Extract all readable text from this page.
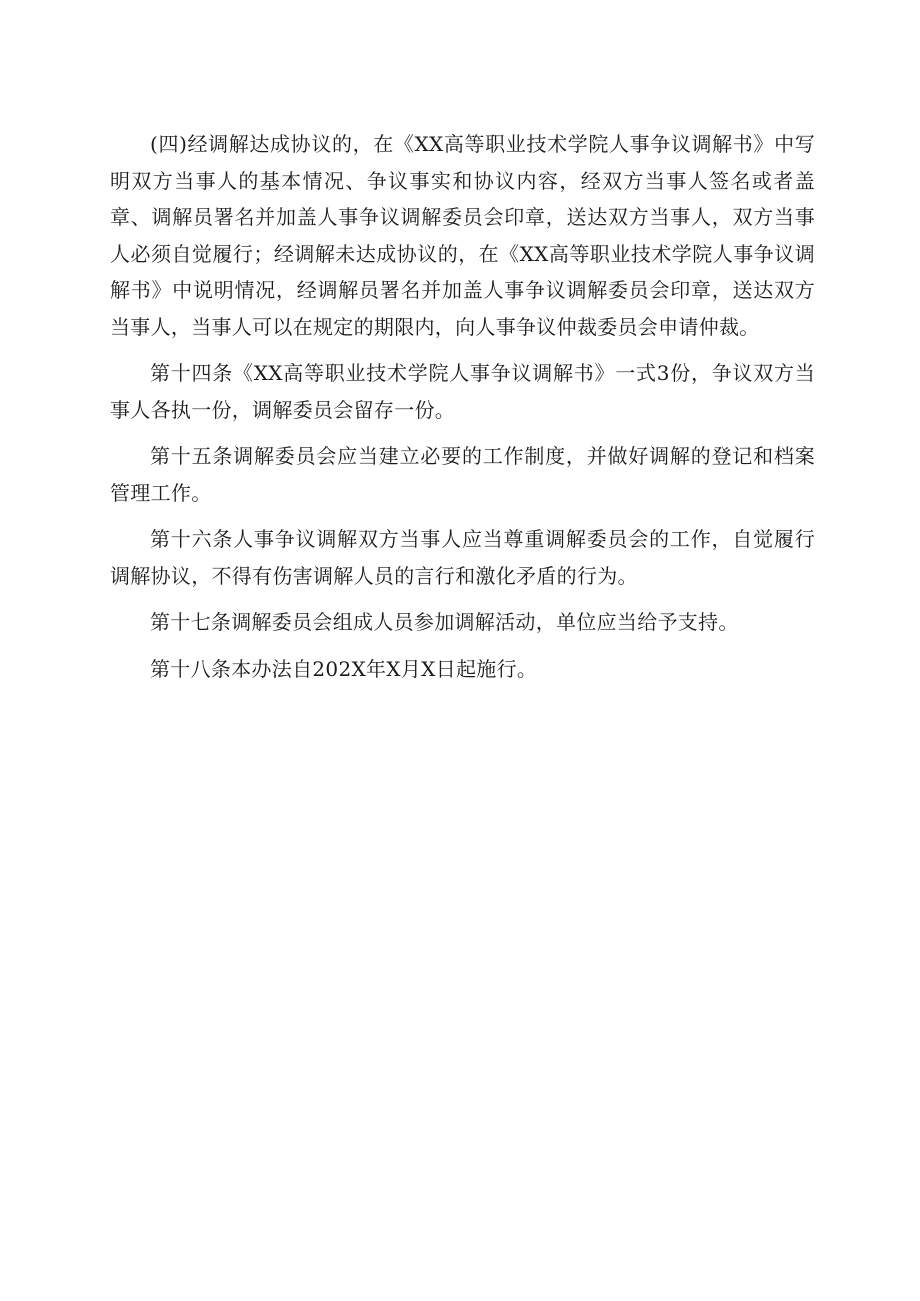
(四)经调解达成协议的，在《XX高等职业技术学院人事争议调解书》中写明双方当事人的基本情况、争议事实和协议内容，经双方当事人签名或者盖章、调解员署名并加盖人事争议调解委员会印章，送达双方当事人，双方当事人必须自觉履行；经调解未达成协议的，在《XX高等职业技术学院人事争议调解书》中说明情况，经调解员署名并加盖人事争议调解委员会印章，送达双方当事人，当事人可以在规定的期限内，向人事争议仲裁委员会申请仲裁。

第十四条《XX高等职业技术学院人事争议调解书》一式3份，争议双方当事人各执一份，调解委员会留存一份。

第十五条调解委员会应当建立必要的工作制度，并做好调解的登记和档案管理工作。

第十六条人事争议调解双方当事人应当尊重调解委员会的工作，自觉履行调解协议，不得有伤害调解人员的言行和激化矛盾的行为。

第十七条调解委员会组成人员参加调解活动，单位应当给予支持。

第十八条本办法自202X年X月X日起施行。
